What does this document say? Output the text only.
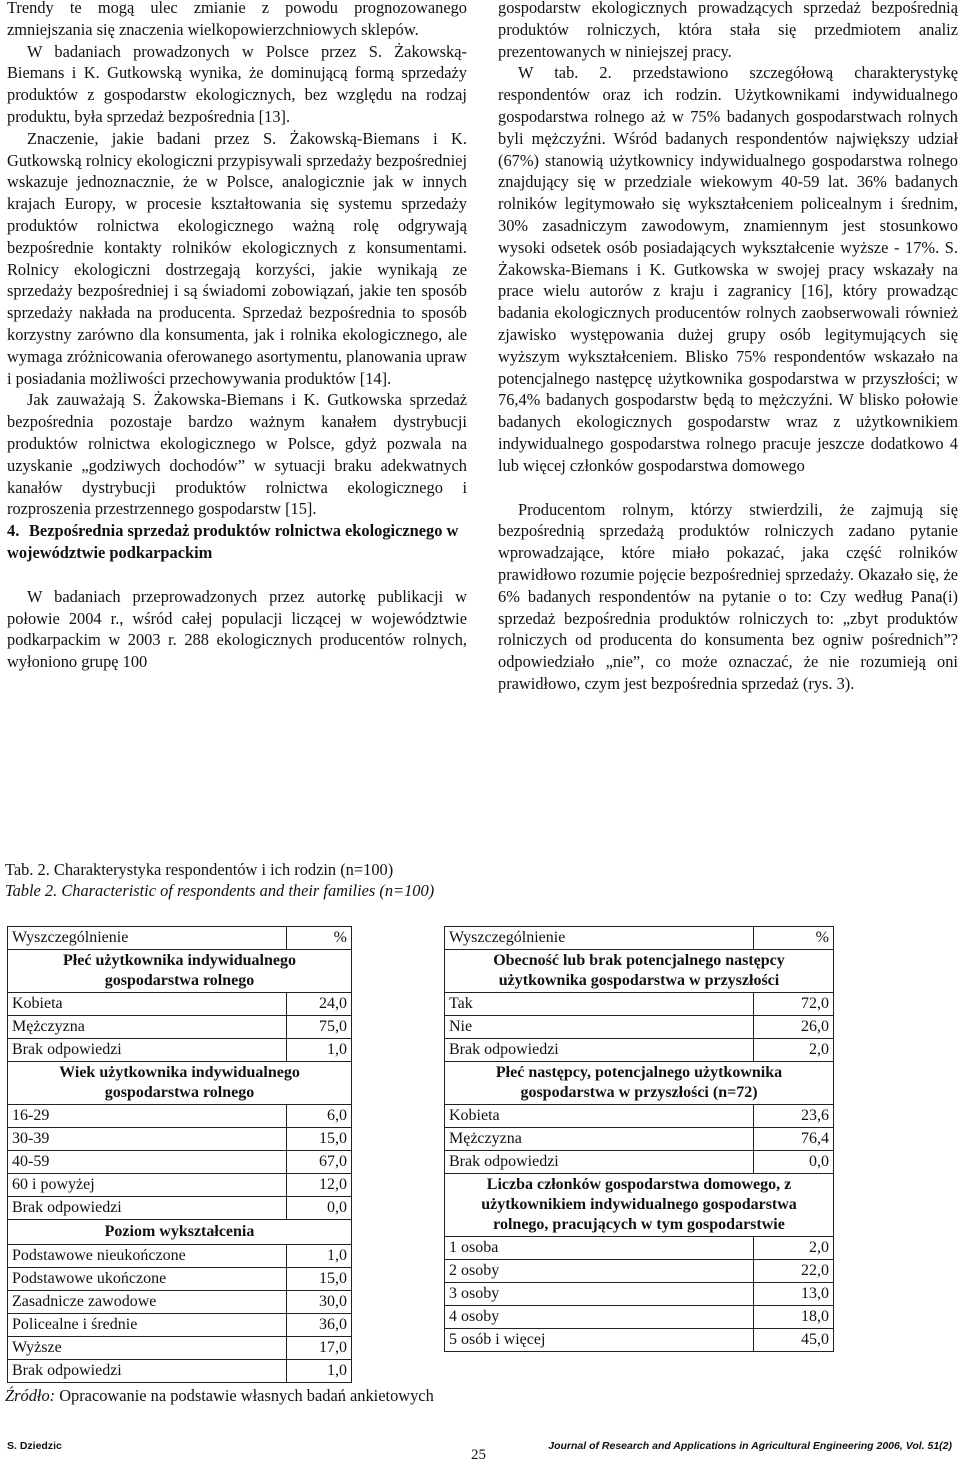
Trendy te mogą ulec zmianie z powodu prognozowanego zmniejszania się znaczenia wielkopowierzchniowych sklepów.

W badaniach prowadzonych w Polsce przez S. Żakowską-Biemans i K. Gutkowską wynika, że dominującą formą sprzedaży produktów z gospodarstw ekologicznych, bez względu na rodzaj produktu, była sprzedaż bezpośrednia [13].

Znaczenie, jakie badani przez S. Żakowską-Biemans i K. Gutkowską rolnicy ekologiczni przypisywali sprzedaży bezpośredniej wskazuje jednoznacznie, że w Polsce, analogicznie jak w innych krajach Europy, w procesie kształtowania się systemu sprzedaży produktów rolnictwa ekologicznego ważną rolę odgrywają bezpośrednie kontakty rolników ekologicznych z konsumentami. Rolnicy ekologiczni dostrzegają korzyści, jakie wynikają ze sprzedaży bezpośredniej i są świadomi zobowiązań, jakie ten sposób sprzedaży nakłada na producenta. Sprzedaż bezpośrednia to sposób korzystny zarówno dla konsumenta, jak i rolnika ekologicznego, ale wymaga zróżnicowania oferowanego asortymentu, planowania upraw i posiadania możliwości przechowywania produktów [14].

Jak zauważają S. Żakowska-Biemans i K. Gutkowska sprzedaż bezpośrednia pozostaje bardzo ważnym kanałem dystrybucji produktów rolnictwa ekologicznego w Polsce, gdyż pozwala na uzyskanie „godziwych dochodów” w sytuacji braku adekwatnych kanałów dystrybucji produktów rolnictwa ekologicznego i rozproszenia przestrzennego gospodarstw [15].

4. Bezpośrednia sprzedaż produktów rolnictwa ekologicznego w województwie podkarpackim

W badaniach przeprowadzonych przez autorkę publikacji w połowie 2004 r., wśród całej populacji liczącej w województwie podkarpackim w 2003 r. 288 ekologicznych producentów rolnych, wyłoniono grupę 100

gospodarstw ekologicznych prowadzących sprzedaż bezpośrednią produktów rolniczych, która stała się przedmiotem analiz prezentowanych w niniejszej pracy.

W tab. 2. przedstawiono szczegółową charakterystykę respondentów oraz ich rodzin. Użytkownikami indywidualnego gospodarstwa rolnego aż w 75% badanych gospodarstwach rolnych byli mężczyźni. Wśród badanych respondentów największy udział (67%) stanowią użytkownicy indywidualnego gospodarstwa rolnego znajdujący się w przedziale wiekowym 40-59 lat. 36% badanych rolników legitymowało się wykształceniem policealnym i średnim, 30% zasadniczym zawodowym, znamiennym jest stosunkowo wysoki odsetek osób posiadających wykształcenie wyższe - 17%. S. Żakowska-Biemans i K. Gutkowska w swojej pracy wskazały na prace wielu autorów z kraju i zagranicy [16], który prowadząc badania ekologicznych producentów rolnych zaobserwowali również zjawisko występowania dużej grupy osób legitymujących się wyższym wykształceniem. Blisko 75% respondentów wskazało na potencjalnego następcę użytkownika gospodarstwa w przyszłości; w 76,4% badanych gospodarstw będą to mężczyźni. W blisko połowie badanych ekologicznych gospodarstw wraz z użytkownikiem indywidualnego gospodarstwa rolnego pracuje jeszcze dodatkowo 4 lub więcej członków gospodarstwa domowego

Producentom rolnym, którzy stwierdzili, że zajmują się bezpośrednią sprzedażą produktów rolniczych zadano pytanie wprowadzające, które miało pokazać, jaka część rolników prawidłowo rozumie pojęcie bezpośredniej sprzedaży. Okazało się, że 6% badanych respondentów na pytanie o to: Czy według Pana(i) sprzedaż bezpośrednia produktów rolniczych to: „zbyt produktów rolniczych od producenta do konsumenta bez ogniw pośrednich”? odpowiedziało „nie”, co może oznaczać, że nie rozumieją oni prawidłowo, czym jest bezpośrednia sprzedaż (rys. 3).

Tab. 2. Charakterystyka respondentów i ich rodzin (n=100)
Table 2. Characteristic of respondents and their families (n=100)
Wyszczególnienie	%
Płeć użytkownika indywidualnego gospodarstwa rolnego	
Kobieta	24,0
Mężczyzna	75,0
Brak odpowiedzi	1,0
Wiek użytkownika indywidualnego gospodarstwa rolnego	
16-29	6,0
30-39	15,0
40-59	67,0
60 i powyżej	12,0
Brak odpowiedzi	0,0
Poziom wykształcenia	
Podstawowe nieukończone	1,0
Podstawowe ukończone	15,0
Zasadnicze zawodowe	30,0
Policealne i średnie	36,0
Wyższe	17,0
Brak odpowiedzi	1,0
Wyszczególnienie	%
Obecność lub brak potencjalnego następcy użytkownika gospodarstwa w przyszłości	
Tak	72,0
Nie	26,0
Brak odpowiedzi	2,0
Płeć następcy, potencjalnego użytkownika gospodarstwa w przyszłości (n=72)	
Kobieta	23,6
Mężczyzna	76,4
Brak odpowiedzi	0,0
Liczba członków gospodarstwa domowego, z użytkownikiem indywidualnego gospodarstwa rolnego, pracujących w tym gospodarstwie	
1 osoba	2,0
2 osoby	22,0
3 osoby	13,0
4 osoby	18,0
5 osób i więcej	45,0
Źródło: Opracowanie na podstawie własnych badań ankietowych
S. Dziedzic
25
Journal of Research and Applications in Agricultural Engineering 2006, Vol. 51(2)
